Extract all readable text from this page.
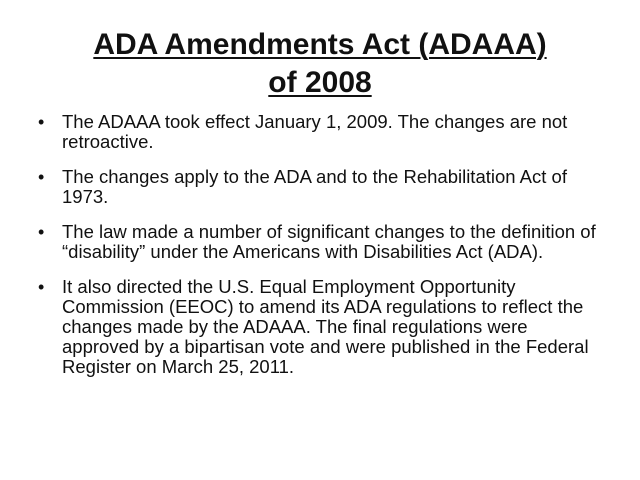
ADA Amendments Act (ADAAA)
of 2008
• The ADAAA took effect January 1, 2009. The changes are not retroactive.
• The changes apply to the ADA and to the Rehabilitation Act of 1973.
• The law made a number of significant changes to the definition of “disability” under the Americans with Disabilities Act (ADA).
• It also directed the U.S. Equal Employment Opportunity Commission (EEOC) to amend its ADA regulations to reflect the changes made by the ADAAA. The final regulations were approved by a bipartisan vote and were published in the Federal Register on March 25, 2011.
